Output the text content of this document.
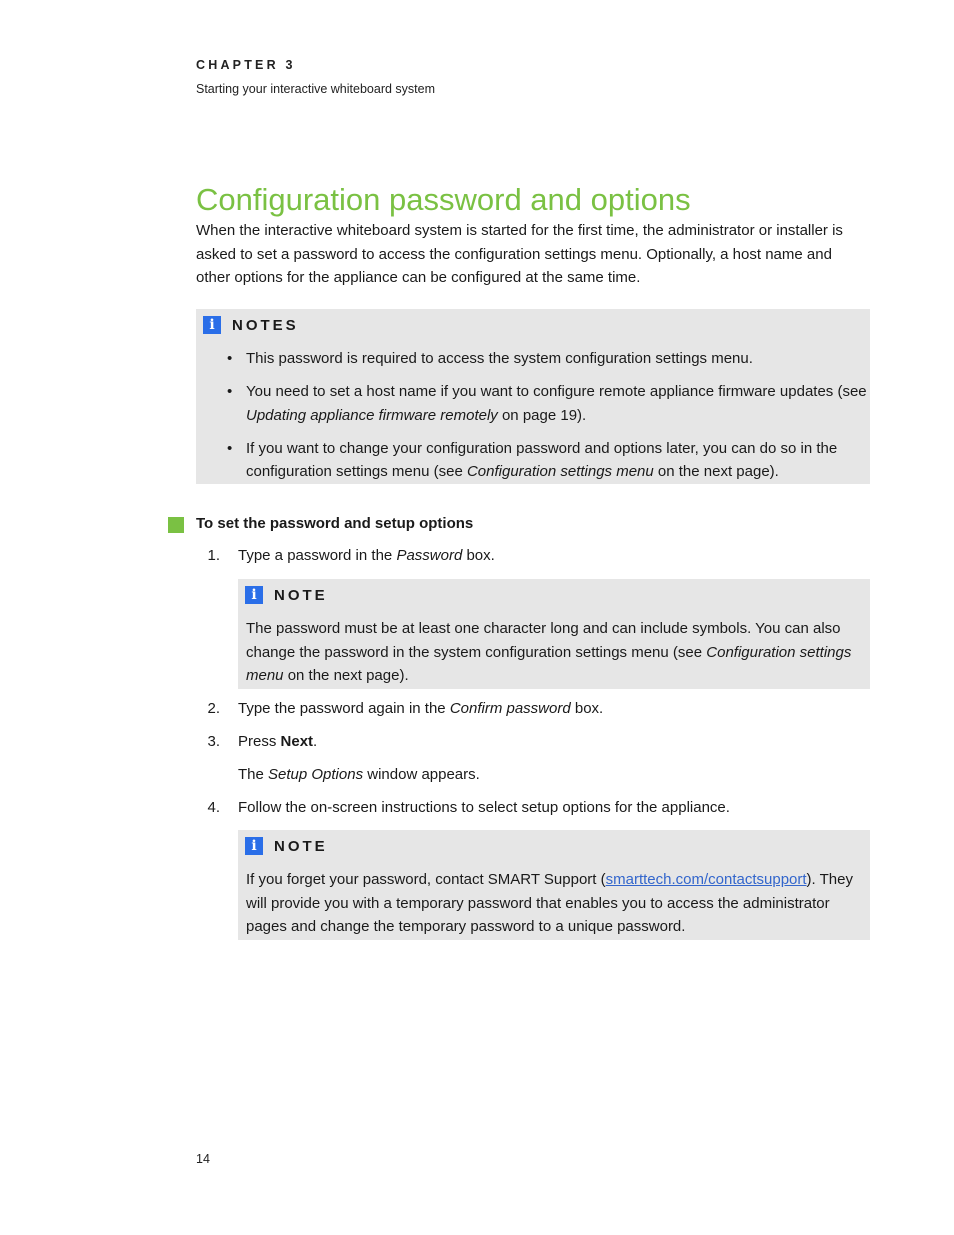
CHAPTER 3
Starting your interactive whiteboard system
Configuration password and options

When the interactive whiteboard system is started for the first time, the administrator or installer is asked to set a password to access the configuration settings menu. Optionally, a host name and other options for the appliance can be configured at the same time.

i	NOTES
• This password is required to access the system configuration settings menu.
• You need to set a host name if you want to configure remote appliance firmware updates (see Updating appliance firmware remotely on page 19).
• If you want to change your configuration password and options later, you can do so in the configuration settings menu (see Configuration settings menu on the next page).
To set the password and setup options
1. Type a password in the Password box.
i	NOTE

The password must be at least one character long and can include symbols. You can also change the password in the system configuration settings menu (see Configuration settings menu on the next page).

2. Type the password again in the Confirm password box.
3. Press Next.
The Setup Options window appears.
4. Follow the on-screen instructions to select setup options for the appliance.
i	NOTE

If you forget your password, contact SMART Support (smarttech.com/contactsupport). They will provide you with a temporary password that enables you to access the administrator pages and change the temporary password to a unique password.

14
